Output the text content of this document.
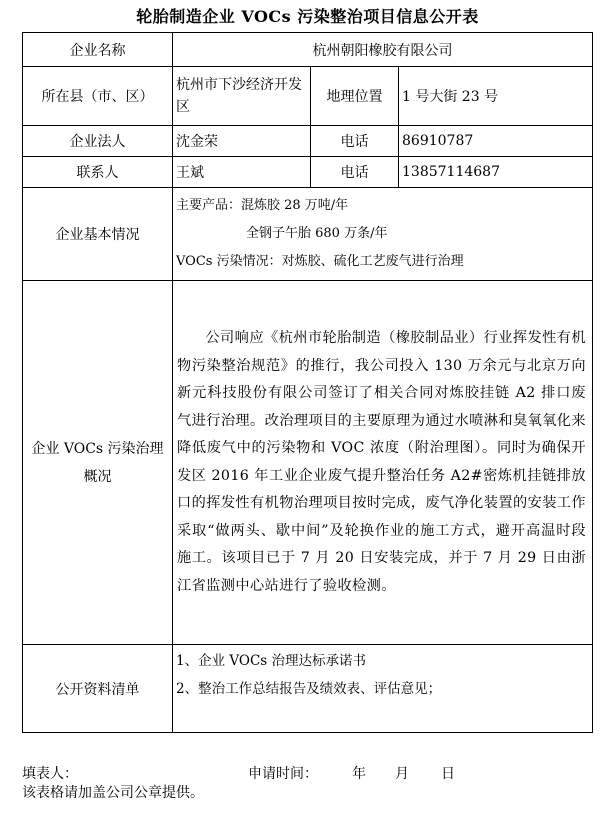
轮胎制造企业 VOCs 污染整治项目信息公开表
企业名称	杭州朝阳橡胶有限公司		
所在县（市、区）	杭州市下沙经济开发区	地理位置	1 号大街 23 号
企业法人	沈金荣	电话	86910787
联系人	王斌	电话	13857114687
企业基本情况	主要产品：混炼胶 28 万吨/年
全钢子午胎 680 万条/年
VOCs 污染情况：对炼胶、硫化工艺废气进行治理		

企业 VOCs 污染治理
概况	公司响应《杭州市轮胎制造（橡胶制品业）行业挥发性有机物污染整治规范》的推行，我公司投入 130 万余元与北京万向新元科技股份有限公司签订了相关合同对炼胶挂链 A2 排口废气进行治理。改治理项目的主要原理为通过水喷淋和臭氧氧化来降低废气中的污染物和 VOC 浓度（附治理图）。同时为确保开发区 2016 年工业企业废气提升整治任务 A2#密炼机挂链排放口的挥发性有机物治理项目按时完成，废气净化装置的安装工作采取“做两头、歇中间”及轮换作业的施工方式，避开高温时段施工。该项目已于 7 月 20 日安装完成，并于 7 月 29 日由浙江省监测中心站进行了验收检测。		
公开资料清单	1、企业 VOCs 治理达标承诺书
2、整治工作总结报告及绩效表、评估意见；		
填表人：	申请时间： 年 月 日
该表格请加盖公司公章提供。
